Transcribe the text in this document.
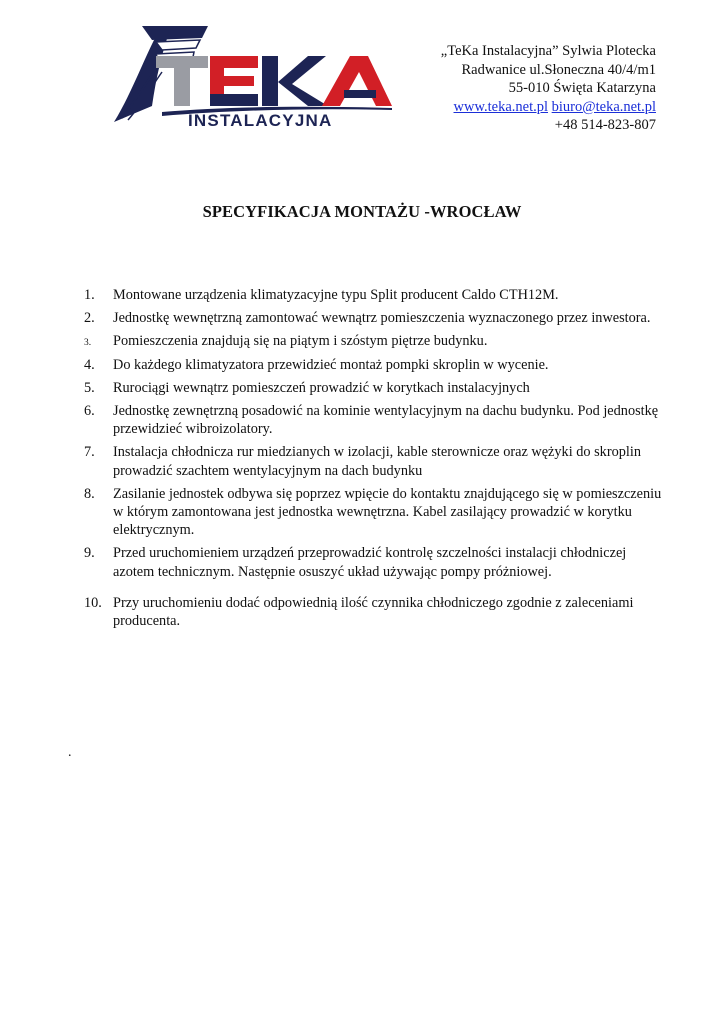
INSTALACYJNA
„TeKa Instalacyjna” Sylwia Plotecka
Radwanice ul.Słoneczna 40/4/m1
55-010 Święta Katarzyna
www.teka.net.pl biuro@teka.net.pl
+48 514-823-807
SPECYFIKACJA MONTAŻU -WROCŁAW
1.	Montowane urządzenia klimatyzacyjne typu Split producent Caldo CTH12M.
2.	Jednostkę wewnętrzną zamontować wewnątrz pomieszczenia wyznaczonego przez inwestora.
3.	Pomieszczenia znajdują się na piątym i szóstym piętrze budynku.
4.	Do każdego klimatyzatora przewidzieć montaż pompki skroplin w wycenie.
5.	Rurociągi wewnątrz pomieszczeń prowadzić w korytkach instalacyjnych
6.	Jednostkę zewnętrzną posadowić na kominie wentylacyjnym na dachu budynku. Pod jednostkę przewidzieć wibroizolatory.
7.	Instalacja chłodnicza rur miedzianych w izolacji, kable sterownicze oraz wężyki do skroplin prowadzić szachtem wentylacyjnym na dach budynku
8.	Zasilanie jednostek odbywa się poprzez wpięcie do kontaktu znajdującego się w pomieszczeniu w którym zamontowana jest jednostka wewnętrzna. Kabel zasilający prowadzić w korytku elektrycznym.
9.	Przed uruchomieniem urządzeń przeprowadzić kontrolę szczelności instalacji chłodniczej azotem technicznym. Następnie osuszyć układ używając pompy próżniowej.
10. Przy uruchomieniu dodać odpowiednią ilość czynnika chłodniczego zgodnie z zaleceniami producenta.
.
